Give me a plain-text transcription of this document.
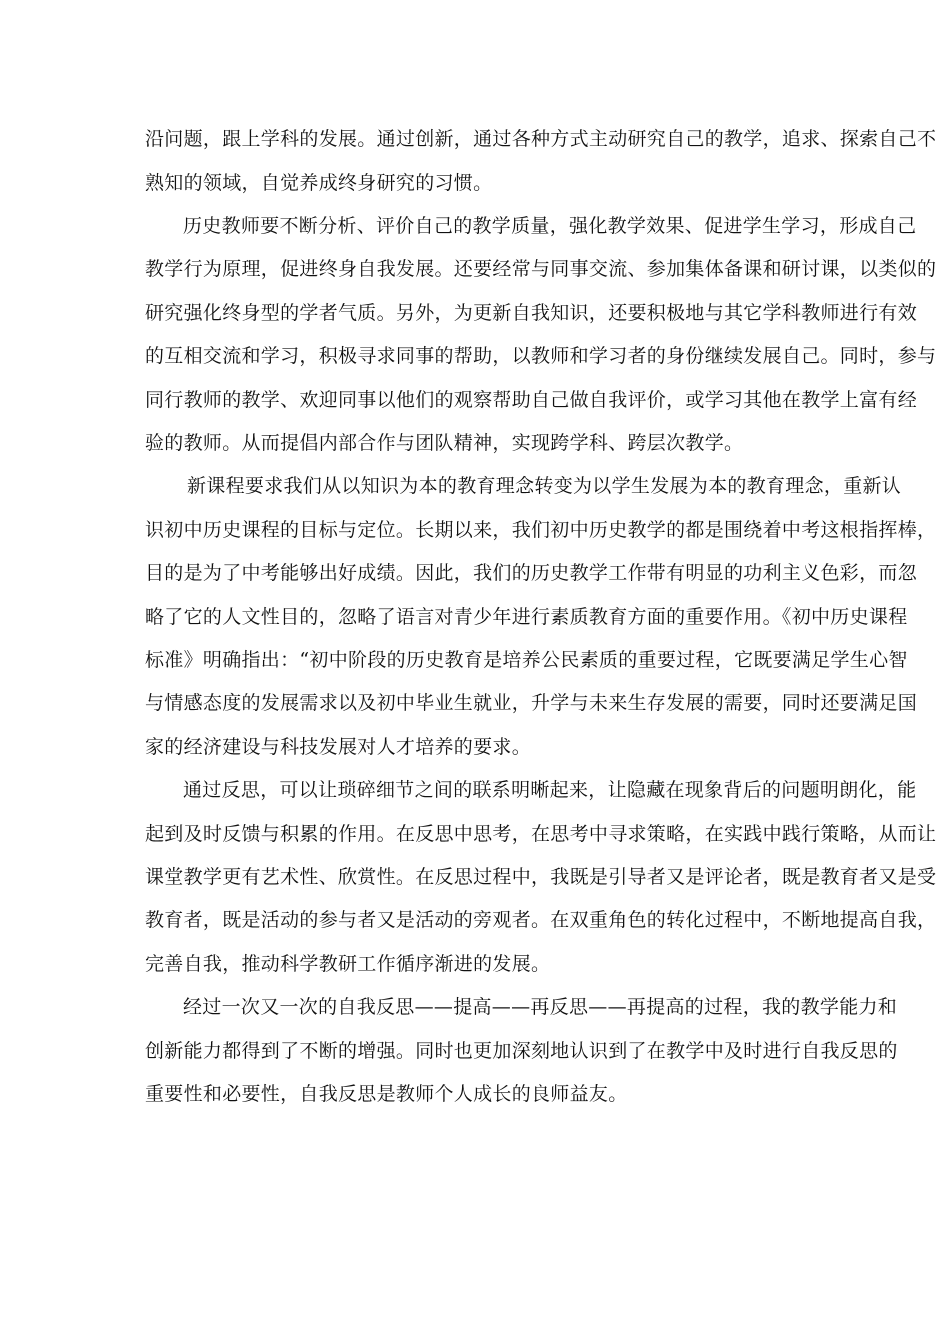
沿问题，跟上学科的发展。通过创新，通过各种方式主动研究自己的教学，追求、探索自己不

熟知的领域，自觉养成终身研究的习惯。

历史教师要不断分析、评价自己的教学质量，强化教学效果、促进学生学习，形成自己

教学行为原理，促进终身自我发展。还要经常与同事交流、参加集体备课和研讨课，以类似的

研究强化终身型的学者气质。另外，为更新自我知识，还要积极地与其它学科教师进行有效

的互相交流和学习，积极寻求同事的帮助，以教师和学习者的身份继续发展自己。同时，参与

同行教师的教学、欢迎同事以他们的观察帮助自己做自我评价，或学习其他在教学上富有经

验的教师。从而提倡内部合作与团队精神，实现跨学科、跨层次教学。

新课程要求我们从以知识为本的教育理念转变为以学生发展为本的教育理念，重新认

识初中历史课程的目标与定位。长期以来，我们初中历史教学的都是围绕着中考这根指挥棒，

目的是为了中考能够出好成绩。因此，我们的历史教学工作带有明显的功利主义色彩，而忽

略了它的人文性目的，忽略了语言对青少年进行素质教育方面的重要作用。《初中历史课程

标准》明确指出：“初中阶段的历史教育是培养公民素质的重要过程，它既要满足学生心智

与情感态度的发展需求以及初中毕业生就业，升学与未来生存发展的需要，同时还要满足国

家的经济建设与科技发展对人才培养的要求。

通过反思，可以让琐碎细节之间的联系明晰起来，让隐藏在现象背后的问题明朗化，能

起到及时反馈与积累的作用。在反思中思考，在思考中寻求策略，在实践中践行策略，从而让

课堂教学更有艺术性、欣赏性。在反思过程中，我既是引导者又是评论者，既是教育者又是受

教育者，既是活动的参与者又是活动的旁观者。在双重角色的转化过程中，不断地提高自我，

完善自我，推动科学教研工作循序渐进的发展。

经过一次又一次的自我反思——提高——再反思——再提高的过程，我的教学能力和

创新能力都得到了不断的增强。同时也更加深刻地认识到了在教学中及时进行自我反思的

重要性和必要性，自我反思是教师个人成长的良师益友。
